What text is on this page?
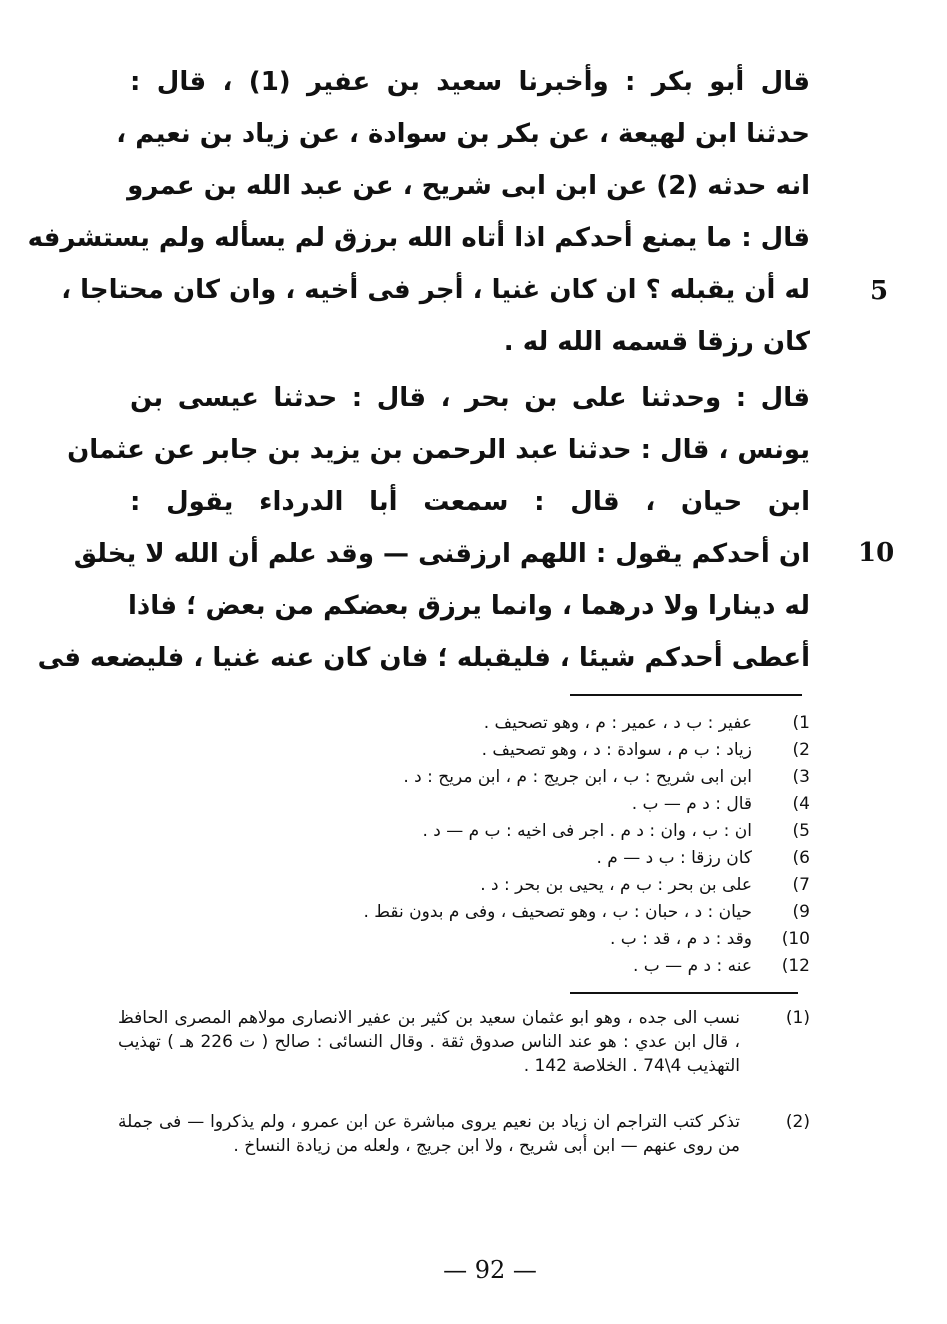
قال أبو بكر : وأخبرنا سعيد بن عفير (1) ، قال :
حدثنا ابن لهيعة ، عن بكر بن سوادة ، عن زياد بن نعيم ،
انه حدثه (2) عن ابن ابى شريح ، عن عبد الله بن عمرو
قال : ما يمنع أحدكم اذا أتاه الله برزق لم يسأله ولم يستشرفه
له أن يقبله ؟ ان كان غنيا ، أجر فى أخيه ، وان كان محتاجا ،
كان رزقا قسمه الله له .
قال : وحدثنا على بن بحر ، قال : حدثنا عيسى بن
يونس ، قال : حدثنا عبد الرحمن بن يزيد بن جابر عن عثمان
ابن حيان ، قال : سمعت أبا الدرداء يقول :
ان أحدكم يقول : اللهم ارزقنى — وقد علم أن الله لا يخلق
له دينارا ولا درهما ، وانما يرزق بعضكم من بعض ؛ فاذا
أعطى أحدكم شيئا ، فليقبله ؛ فان كان عنه غنيا ، فليضعه فى
5
10
1)
عفير : ب د ، عمير : م ، وهو تصحيف .
2)
زياد : ب م ، سوادة : د ، وهو تصحيف .
3)
ابن ابى شريح : ب ، ابن جريج : م ، ابن مريح : د .
4)
قال : د م — ب .
5)
ان : ب ، وان : د م . اجر فى اخيه : ب م — د .
6)
كان رزقا : ب د — م .
7)
على بن بحر : ب م ، يحيى بن بحر : د .
9)
حيان : د ، حبان : ب ، وهو تصحيف ، وفى م بدون نقط .
10)
وقد : د م ، قد : ب .
12)
عنه : د م — ب .
(1)
نسب الى جده ، وهو ابو عثمان سعيد بن كثير بن عفير الانصارى مولاهم المصرى الحافظ ، قال ابن عدي : هو عند الناس صدوق ثقة . وقال النسائى : صالح ( ت 226 هـ ) تهذيب التهذيب 4\74 . الخلاصة 142 .
(2)
تذكر كتب التراجم ان زياد بن نعيم يروى مباشرة عن ابن عمرو ، ولم يذكروا — فى جملة من روى عنهم — ابن أبى شريح ، ولا ابن جريج ، ولعله من زيادة النساخ .
— 92 —
